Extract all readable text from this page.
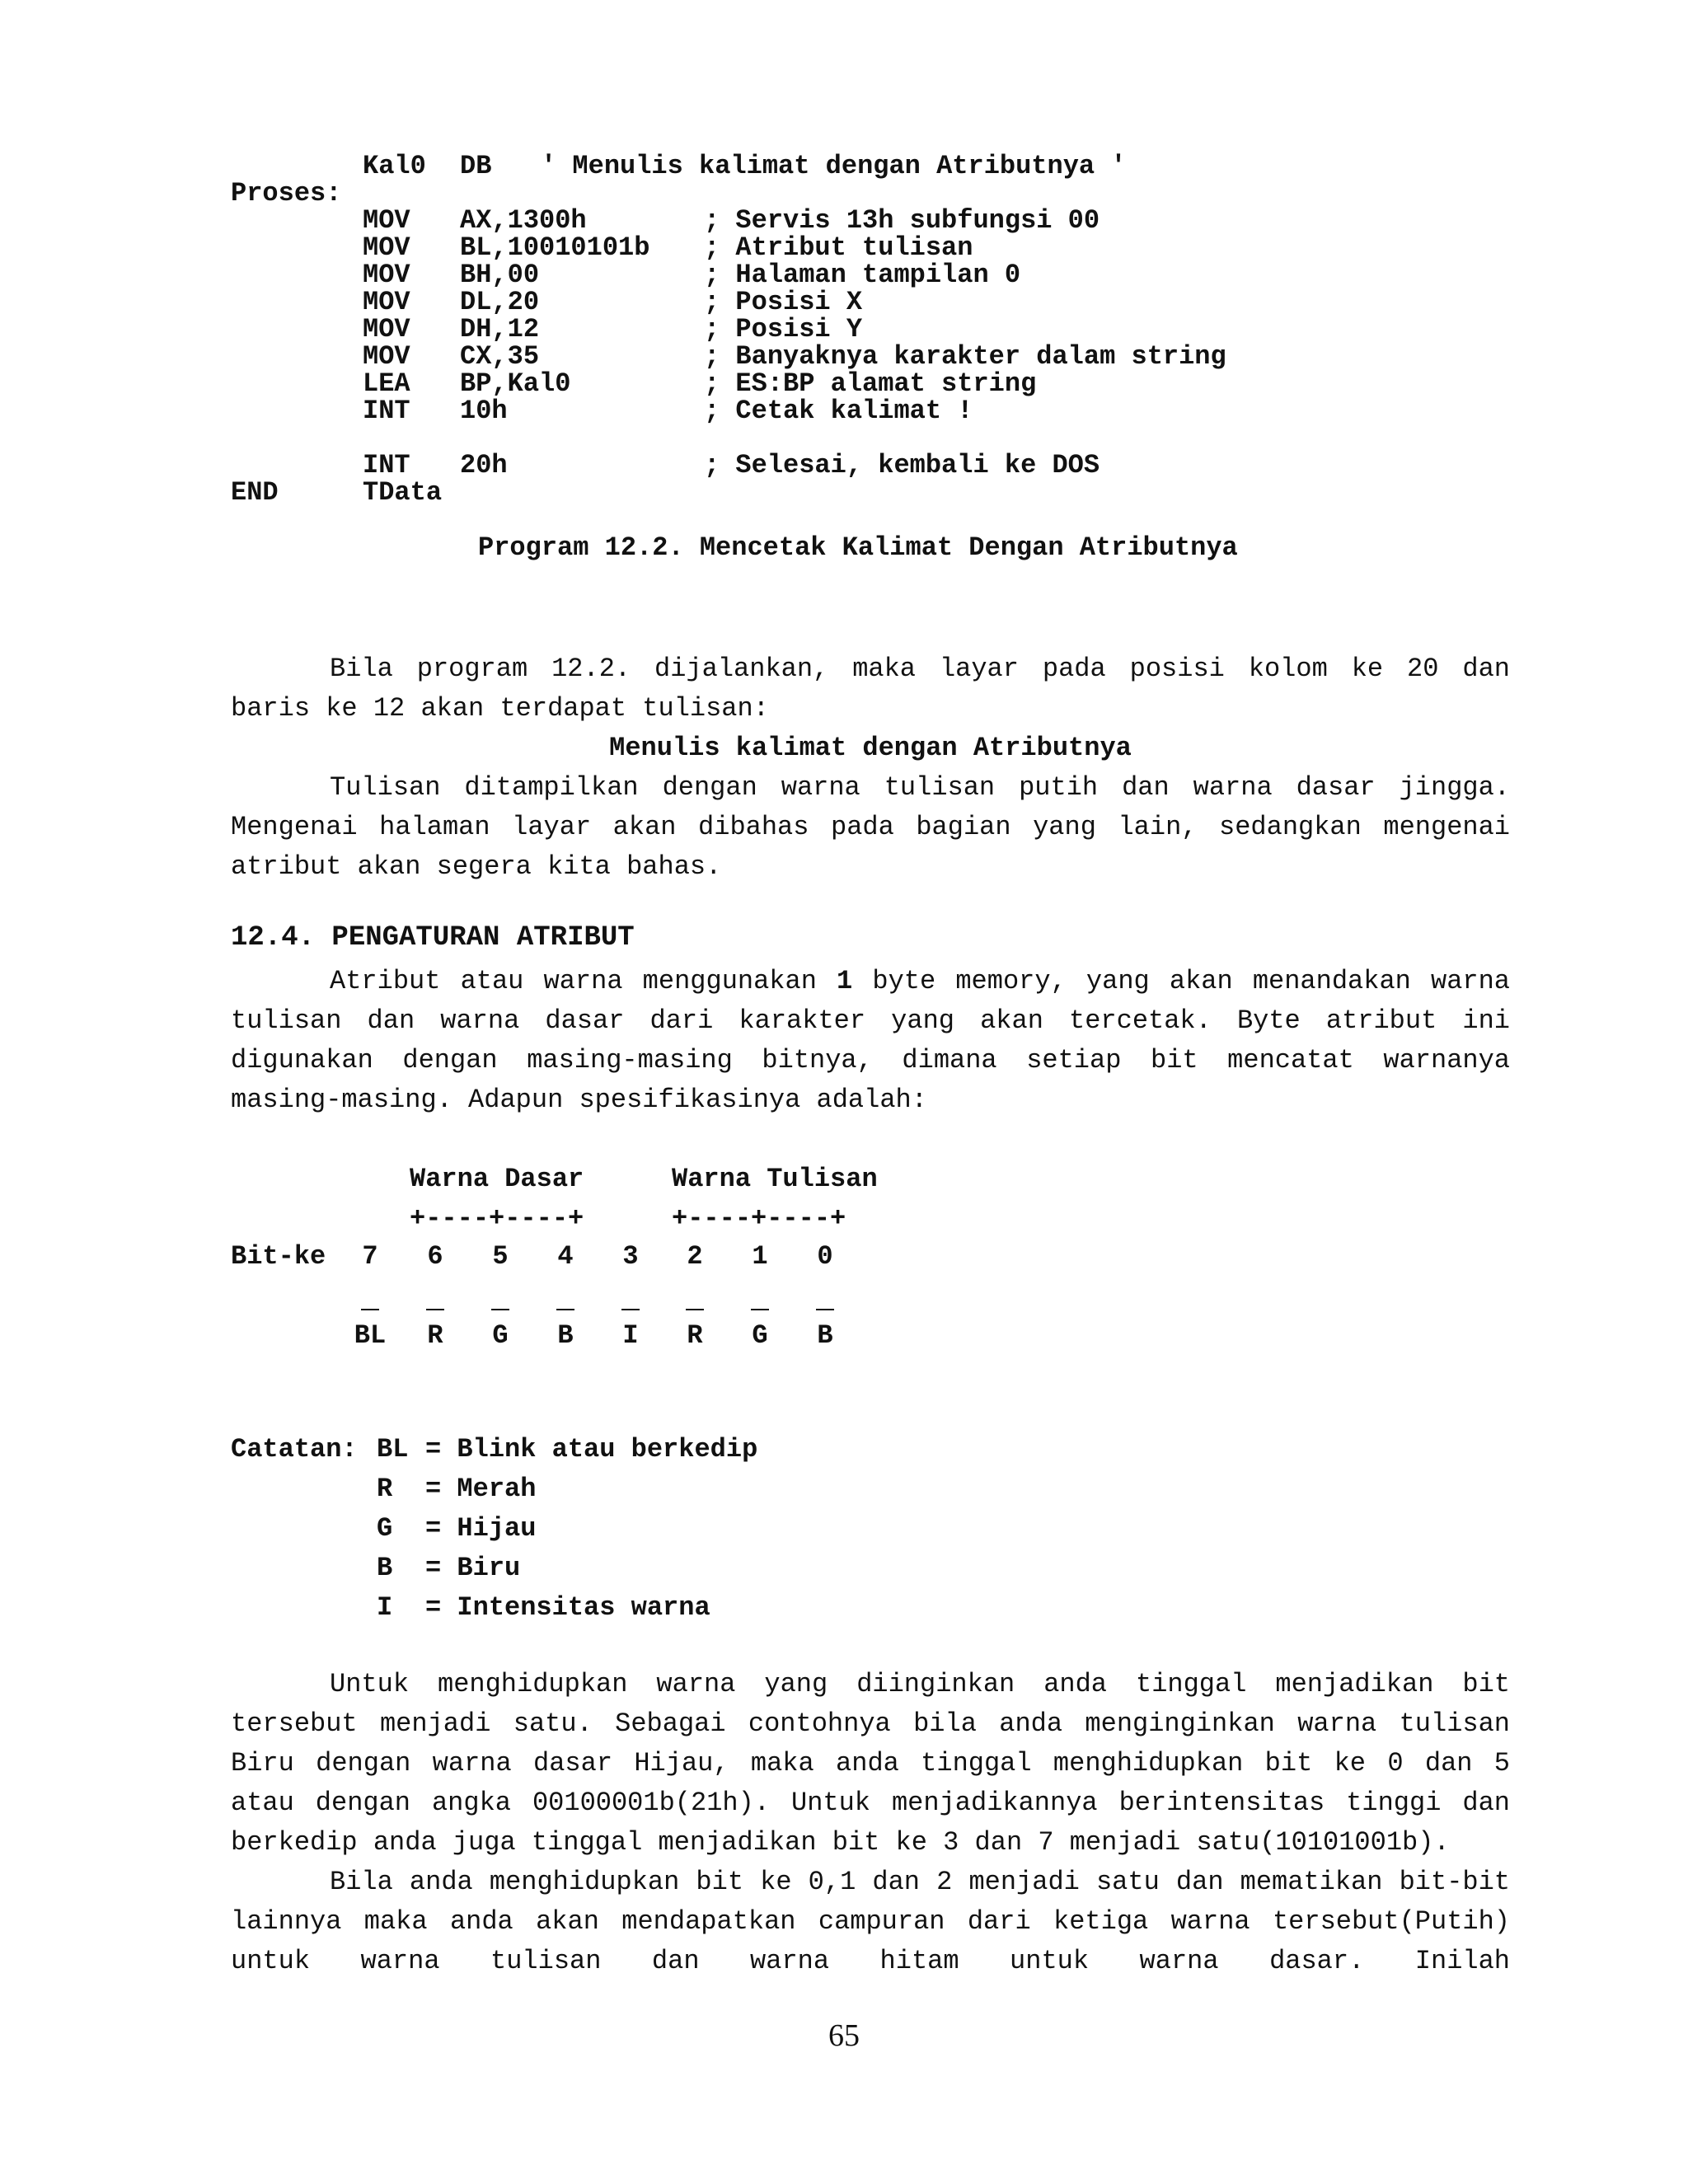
Kal0 DB ' Menulis kalimat dengan Atributnya '
Proses:
MOV AX,1300h	; Servis 13h subfungsi 00
MOV BL,10010101b ; Atribut tulisan
MOV BH,00	; Halaman tampilan 0
MOV DL,20	; Posisi X
MOV DH,12	; Posisi Y
MOV CX,35	; Banyaknya karakter dalam string
LEA BP,Kal0	; ES:BP alamat string
INT 10h	; Cetak kalimat !
INT 20h	; Selesai, kembali ke DOS
END	TData
Program 12.2. Mencetak Kalimat Dengan Atributnya

Bila program 12.2. dijalankan, maka layar pada posisi kolom ke 20 dan baris ke 12 akan terdapat tulisan:

Menulis kalimat dengan Atributnya

Tulisan ditampilkan dengan warna tulisan putih dan warna dasar jingga. Mengenai halaman layar akan dibahas pada bagian yang lain, sedangkan mengenai atribut akan segera kita bahas.

12.4. PENGATURAN ATRIBUT

Atribut atau warna menggunakan 1 byte memory, yang akan menandakan warna tulisan dan warna dasar dari karakter yang akan tercetak. Byte atribut ini digunakan dengan masing-masing bitnya, dimana setiap bit mencatat warnanya masing-masing. Adapun spesifikasinya adalah:

Warna Dasar	Warna Tulisan
+----+----+	+----+----+
Bit-ke	7	6	5	4	3	2	1	0
BL	R	G	B	I	R	G	B
Catatan: BL = Blink atau berkedip
R = Merah
G = Hijau
B = Biru
I = Intensitas warna

Untuk menghidupkan warna yang diinginkan anda tinggal menjadikan bit tersebut menjadi satu. Sebagai contohnya bila anda menginginkan warna tulisan Biru dengan warna dasar Hijau, maka anda tinggal menghidupkan bit ke 0 dan 5 atau dengan angka 00100001b(21h). Untuk menjadikannya berintensitas tinggi dan berkedip anda juga tinggal menjadikan bit ke 3 dan 7 menjadi satu(10101001b).

Bila anda menghidupkan bit ke 0,1 dan 2 menjadi satu dan mematikan bit-bit lainnya maka anda akan mendapatkan campuran dari ketiga warna tersebut(Putih) untuk warna tulisan dan warna hitam untuk warna dasar. Inilah

65
